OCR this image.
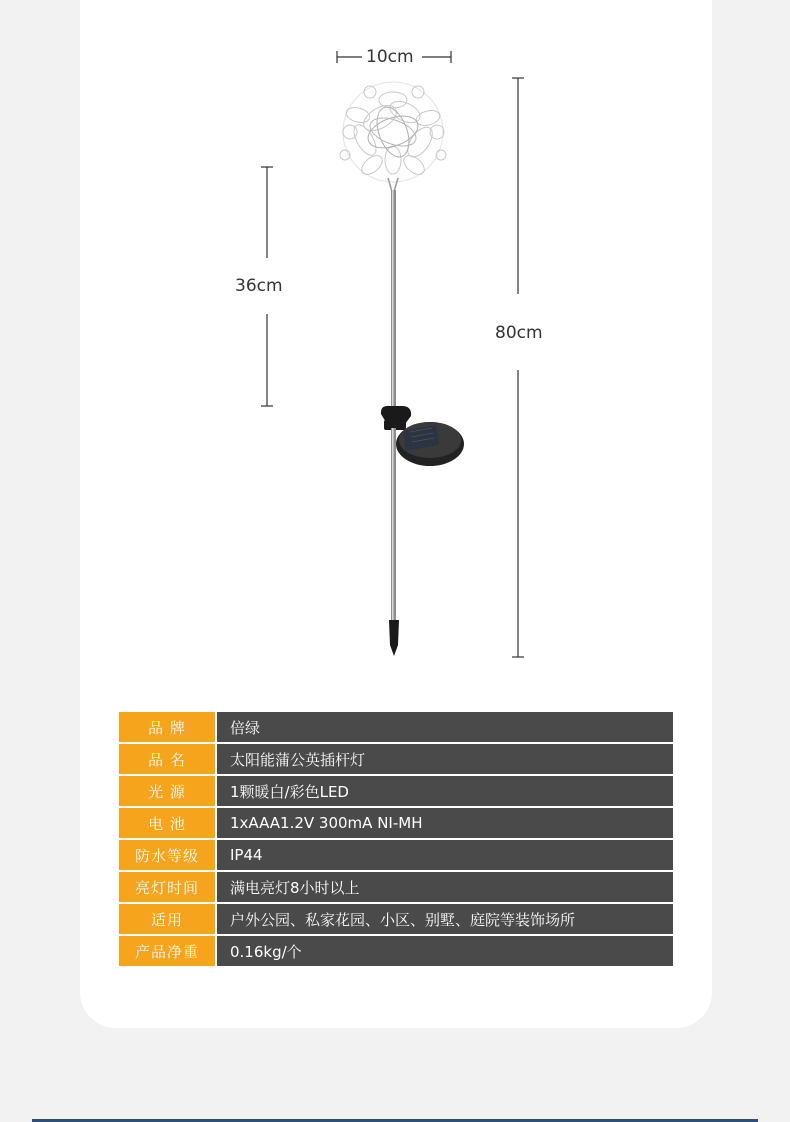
10cm
36cm
80cm
品 牌	倍绿
品 名	太阳能蒲公英插杆灯
光 源	1颗暖白/彩色LED
电 池	1xAAA1.2V 300mA NI-MH
防水等级	IP44
亮灯时间	满电亮灯8小时以上
适用	户外公园、私家花园、小区、别墅、庭院等装饰场所
产品净重	0.16kg/个
